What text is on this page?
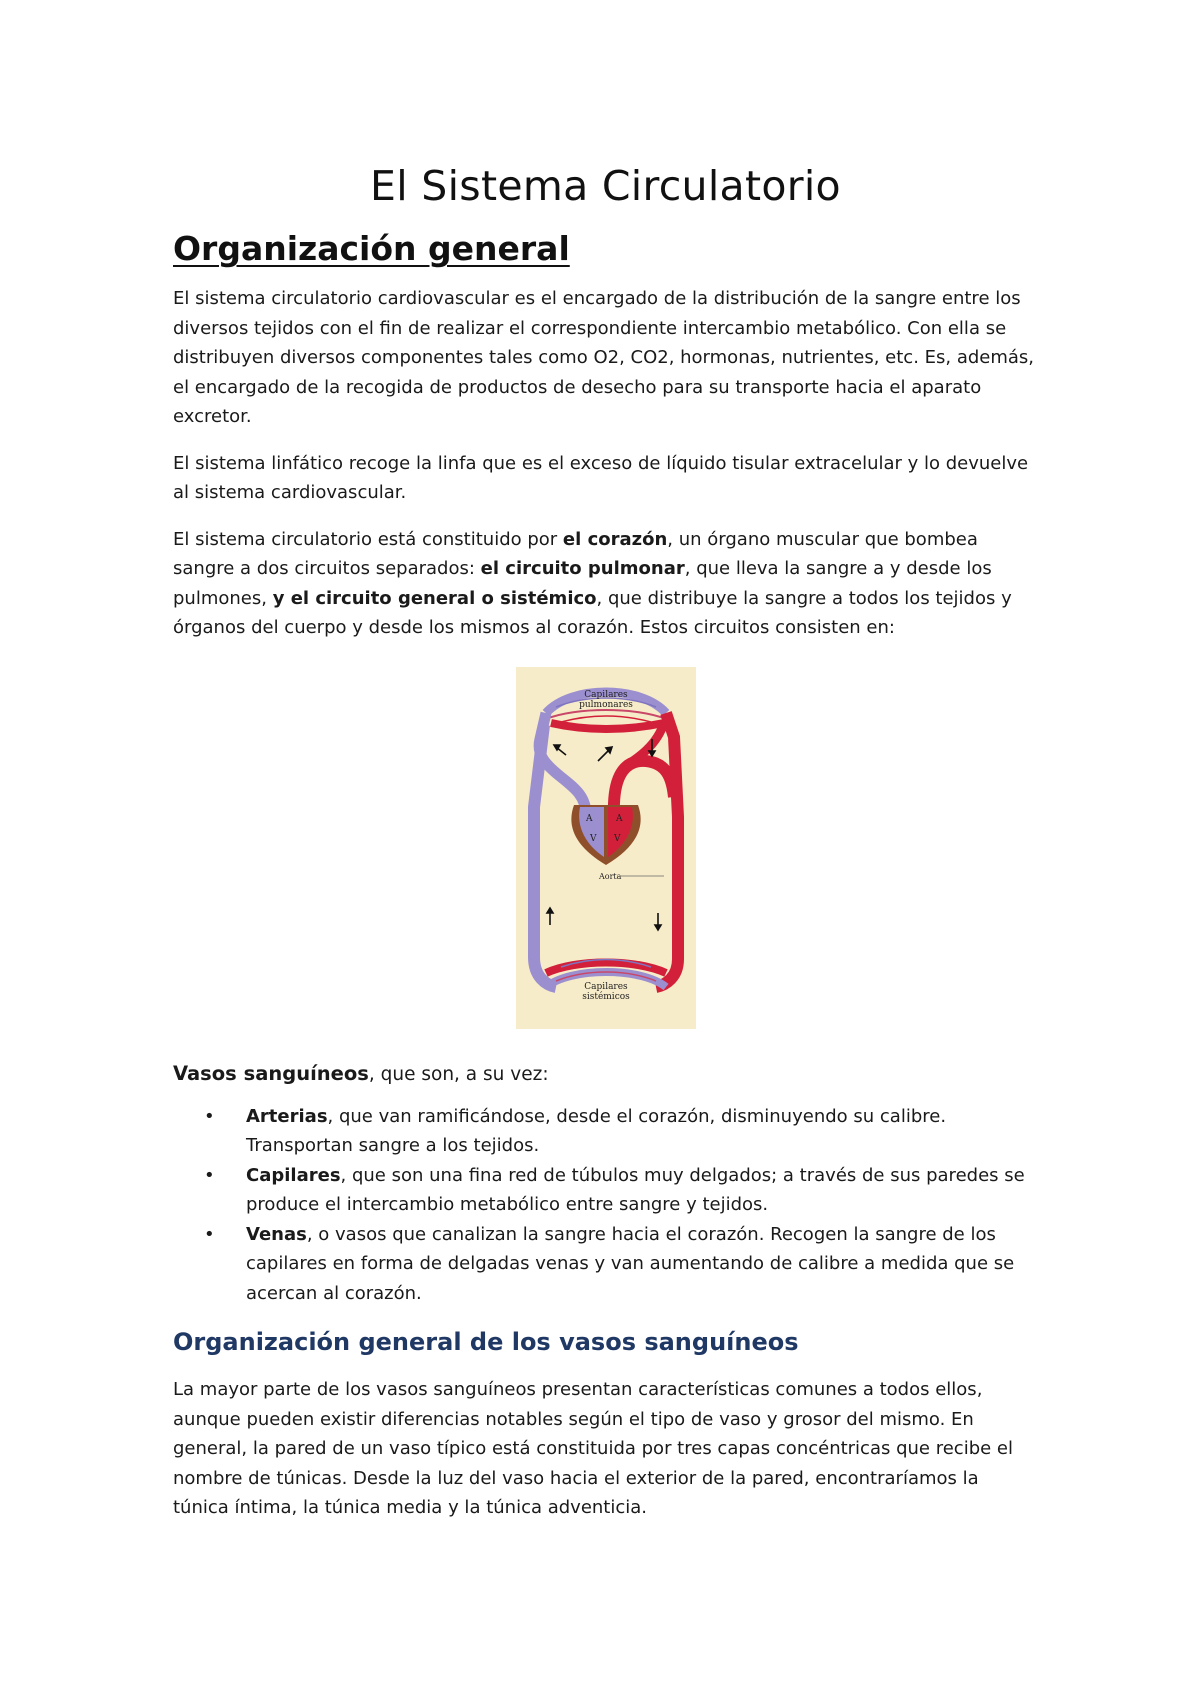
El Sistema Circulatorio
Organización general

El sistema circulatorio cardiovascular es el encargado de la distribución de la sangre entre los diversos tejidos con el fin de realizar el correspondiente intercambio metabólico. Con ella se distribuyen diversos componentes tales como O2, CO2, hormonas, nutrientes, etc. Es, además, el encargado de la recogida de productos de desecho para su transporte hacia el aparato excretor.

El sistema linfático recoge la linfa que es el exceso de líquido tisular extracelular y lo devuelve al sistema cardiovascular.

El sistema circulatorio está constituido por el corazón, un órgano muscular que bombea sangre a dos circuitos separados: el circuito pulmonar, que lleva la sangre a y desde los pulmones, y el circuito general o sistémico, que distribuye la sangre a todos los tejidos y órganos del cuerpo y desde los mismos al corazón. Estos circuitos consisten en:

A
V
A
V
Capilares
pulmonares
Capilares
sistémicos
Aorta

Vasos sanguíneos, que son, a su vez:

• Arterias, que van ramificándose, desde el corazón, disminuyendo su calibre. Transportan sangre a los tejidos.
• Capilares, que son una fina red de túbulos muy delgados; a través de sus paredes se produce el intercambio metabólico entre sangre y tejidos.
• Venas, o vasos que canalizan la sangre hacia el corazón. Recogen la sangre de los capilares en forma de delgadas venas y van aumentando de calibre a medida que se acercan al corazón.
Organización general de los vasos sanguíneos

La mayor parte de los vasos sanguíneos presentan características comunes a todos ellos, aunque pueden existir diferencias notables según el tipo de vaso y grosor del mismo. En general, la pared de un vaso típico está constituida por tres capas concéntricas que recibe el nombre de túnicas. Desde la luz del vaso hacia el exterior de la pared, encontraríamos la túnica íntima, la túnica media y la túnica adventicia.
